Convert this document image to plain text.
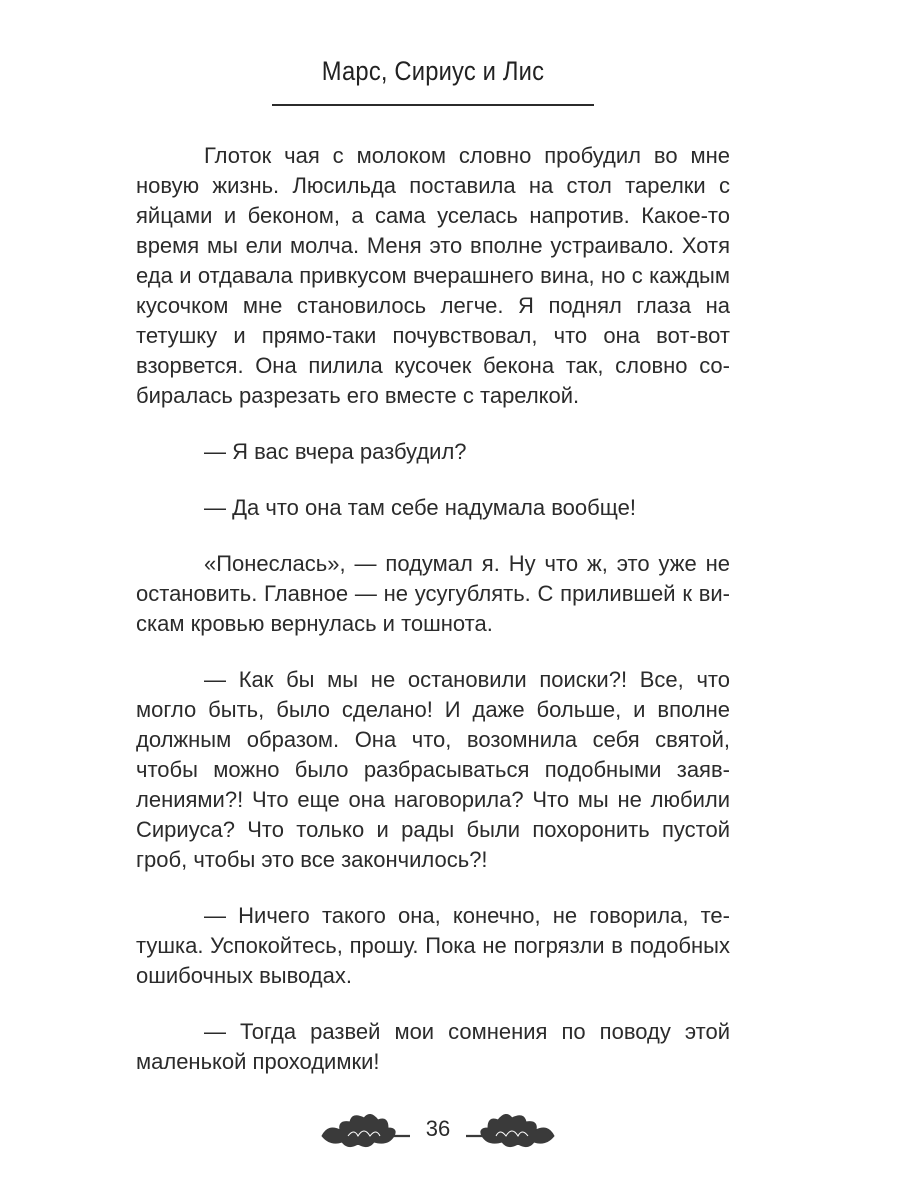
Марс, Сириус и Лис

Глоток чая с молоком словно пробудил во мне новую жизнь. Люсильда поставила на стол тарелки с яйцами и беконом, а сама уселась напротив. Какое-то время мы ели молча. Меня это вполне устраивало. Хотя еда и отдавала привкусом вчерашнего вина, но с каждым кусочком мне становилось легче. Я поднял глаза на тетушку и прямо-таки почувствовал, что она вот-вот взорвется. Она пилила кусочек бекона так, словно собиралась разрезать его вместе с тарелкой.

— Я вас вчера разбудил?

— Да что она там себе надумала вообще!

«Понеслась», — подумал я. Ну что ж, это уже не остановить. Главное — не усугублять. С прилившей к вискам кровью вернулась и тошнота.

— Как бы мы не остановили поиски?! Все, что могло быть, было сделано! И даже больше, и вполне должным образом. Она что, возомнила себя святой, чтобы можно было разбрасываться подобными заявлениями?! Что еще она наговорила? Что мы не любили Сириуса? Что только и рады были похоронить пустой гроб, чтобы это все закончилось?!

— Ничего такого она, конечно, не говорила, тетушка. Успокойтесь, прошу. Пока не погрязли в подобных ошибочных выводах.

— Тогда развей мои сомнения по поводу этой маленькой проходимки!

36
